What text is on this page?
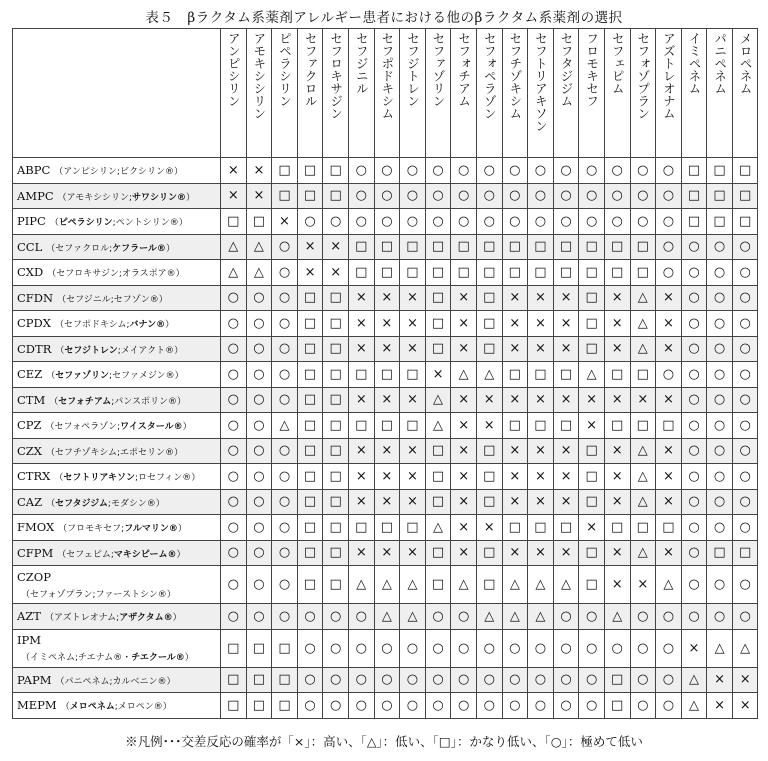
表５　βラクタム系薬剤アレルギー患者における他のβラクタム系薬剤の選択

	アンピシリン	アモキシシリン	ピペラシリン	セファクロル	セフロキサジン	セフジニル	セフポドキシム	セフジトレン	セファゾリン	セフォチアム	セフォペラゾン	セフチゾキシム	セフトリアキソン	セフタジジム	フロモキセフ	セフェピム	セフォゾプラン	アズトレオナム	イミペネム	パニペネム	メロペネム

ABPC （アンピシリン;ビクシリン®）	×	×	□	□	□	○	○	○	○	○	○	○	○	○	○	○	○	○	□	□	□
AMPC （アモキシシリン;サワシリン®）	×	×	□	□	□	○	○	○	○	○	○	○	○	○	○	○	○	○	□	□	□
PIPC （ピペラシリン;ペントシリン®）	□	□	×	○	○	○	○	○	○	○	○	○	○	○	○	○	○	○	□	□	□
CCL （セファクロル;ケフラール®）	△	△	○	×	×	□	□	□	□	□	□	□	□	□	□	□	□	○	○	○	○
CXD （セフロキサジン;オラスポア®）	△	△	○	×	×	□	□	□	□	□	□	□	□	□	□	□	□	○	○	○	○
CFDN （セフジニル;セフゾン®）	○	○	○	□	□	×	×	×	□	×	□	×	×	×	□	×	△	×	○	○	○
CPDX （セフポドキシム;バナン®）	○	○	○	□	□	×	×	×	□	×	□	×	×	×	□	×	△	×	○	○	○
CDTR （セフジトレン;メイアクト®）	○	○	○	□	□	×	×	×	□	×	□	×	×	×	□	×	△	×	○	○	○
CEZ （セファゾリン;セファメジン®）	○	○	○	□	□	□	□	□	×	△	△	□	□	□	△	□	□	○	○	○	○
CTM （セフォチアム;パンスポリン®）	○	○	○	□	□	×	×	×	△	×	×	×	×	×	×	×	×	×	○	○	○
CPZ （セフォペラゾン;ワイスタール®）	○	○	△	□	□	□	□	□	△	×	×	□	□	□	×	□	□	□	○	○	○
CZX （セフチゾキシム;エポセリン®）	○	○	○	□	□	×	×	×	□	×	□	×	×	×	□	×	△	×	○	○	○
CTRX （セフトリアキソン;ロセフィン®）	○	○	○	□	□	×	×	×	□	×	□	×	×	×	□	×	△	×	○	○	○
CAZ （セフタジジム;モダシン®）	○	○	○	□	□	×	×	×	□	×	□	×	×	×	□	×	△	×	○	○	○
FMOX （フロモキセフ;フルマリン®）	○	○	○	□	□	□	□	□	△	×	×	□	□	□	×	□	□	□	○	○	○
CFPM （セフェピム;マキシピーム®）	○	○	○	□	□	×	×	×	□	×	□	×	×	×	□	×	△	×	○	□	□
CZOP
（セフォゾプラン;ファーストシン®）	○	○	○	□	□	△	△	△	□	△	□	△	△	△	□	×	×	△	○	○	○
AZT （アズトレオナム;アザクタム®）	○	○	○	○	○	○	△	△	○	○	△	△	△	○	○	△	○	○	○	○	○
IPM
（イミペネム;チエナム®・チエクール®）	□	□	□	○	○	○	○	○	○	○	○	○	○	○	○	○	○	○	×	△	△
PAPM （パニペネム;カルベニン®）	□	□	□	○	○	○	○	○	○	○	○	○	○	○	○	□	○	○	△	×	×
MEPM （メロペネム;メロペン®）	□	□	□	○	○	○	○	○	○	○	○	○	○	○	○	□	○	○	△	×	×
※凡例･･･交差反応の確率が「×」：高い、「△」：低い、「□」：かなり低い、「○」：極めて低い
